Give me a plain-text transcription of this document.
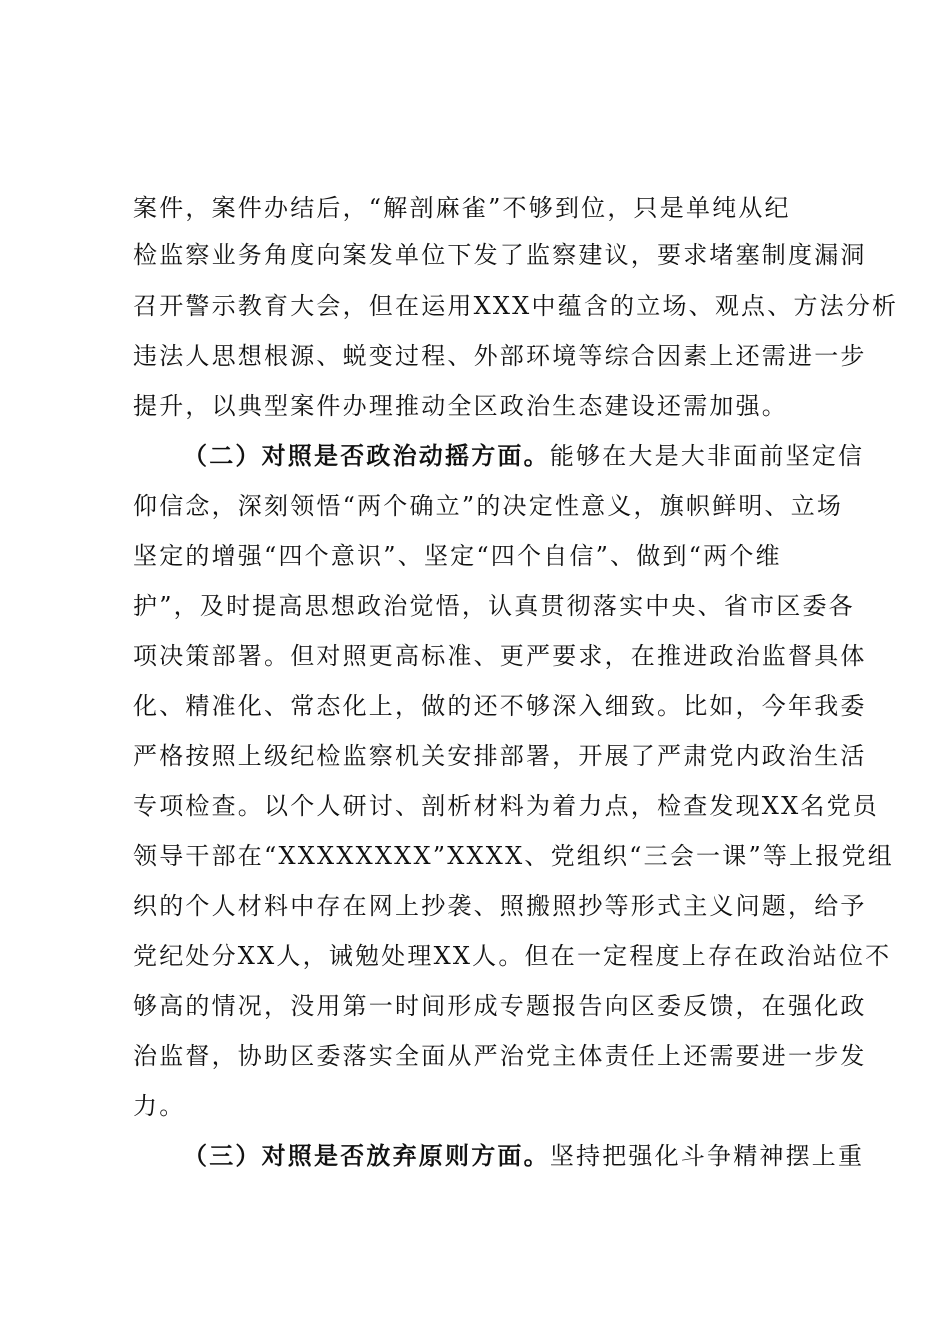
案件，案件办结后，“解剖麻雀”不够到位，只是单纯从纪
检监察业务角度向案发单位下发了监察建议，要求堵塞制度漏洞
召开警示教育大会，但在运用XXX中蕴含的立场、观点、方法分析
违法人思想根源、蜕变过程、外部环境等综合因素上还需进一步
提升，以典型案件办理推动全区政治生态建设还需加强。
（二）对照是否政治动摇方面。能够在大是大非面前坚定信
仰信念，深刻领悟“两个确立”的决定性意义，旗帜鲜明、立场
坚定的增强“四个意识”、坚定“四个自信”、做到“两个维
护”，及时提高思想政治觉悟，认真贯彻落实中央、省市区委各
项决策部署。但对照更高标准、更严要求，在推进政治监督具体
化、精准化、常态化上，做的还不够深入细致。比如，今年我委
严格按照上级纪检监察机关安排部署，开展了严肃党内政治生活
专项检查。以个人研讨、剖析材料为着力点，检查发现XX名党员
领导干部在“XXXXXXXX”XXXX、党组织“三会一课”等上报党组
织的个人材料中存在网上抄袭、照搬照抄等形式主义问题，给予
党纪处分XX人，诫勉处理XX人。但在一定程度上存在政治站位不
够高的情况，没用第一时间形成专题报告向区委反馈，在强化政
治监督，协助区委落实全面从严治党主体责任上还需要进一步发
力。
（三）对照是否放弃原则方面。坚持把强化斗争精神摆上重
